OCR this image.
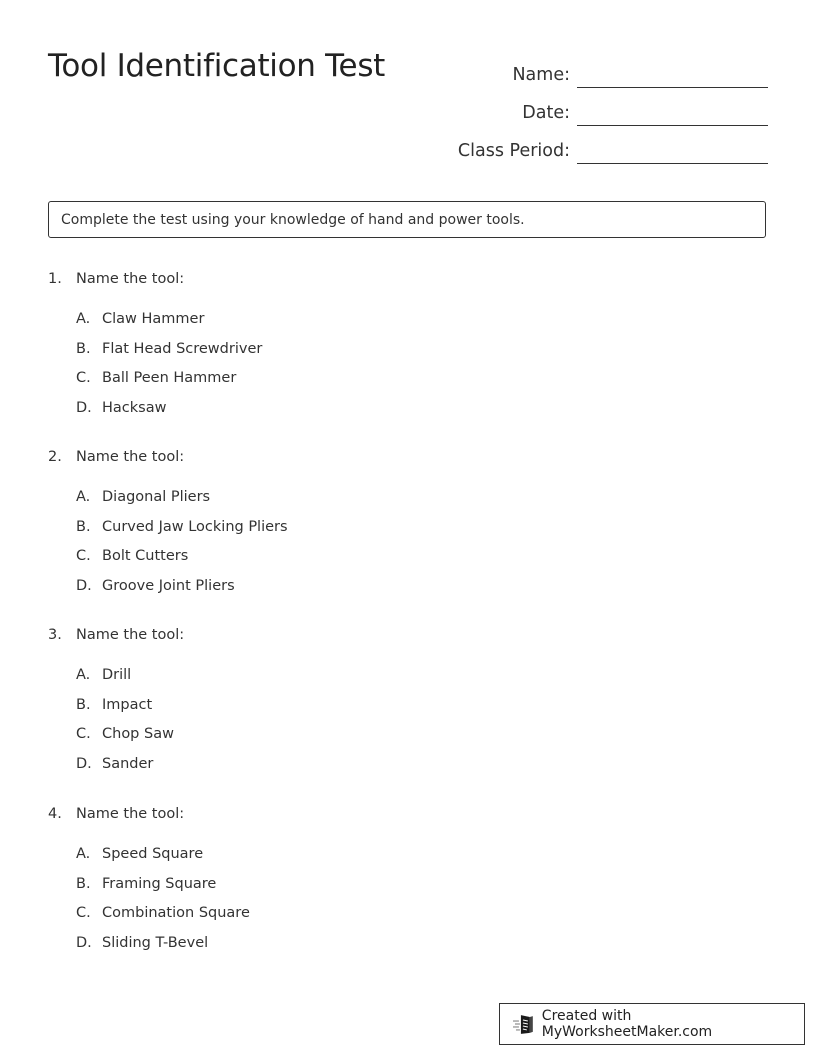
Tool Identification Test	Name:
Date:
Class Period:
Complete the test using your knowledge of hand and power tools.
1. Name the tool:
A. Claw Hammer
B. Flat Head Screwdriver
C. Ball Peen Hammer
D. Hacksaw
2. Name the tool:
A. Diagonal Pliers
B. Curved Jaw Locking Pliers
C. Bolt Cutters
D. Groove Joint Pliers
3. Name the tool:
A. Drill
B. Impact
C. Chop Saw
D. Sander
4. Name the tool:
A. Speed Square
B. Framing Square
C. Combination Square
D. Sliding T-Bevel
Created with MyWorksheetMaker.com
